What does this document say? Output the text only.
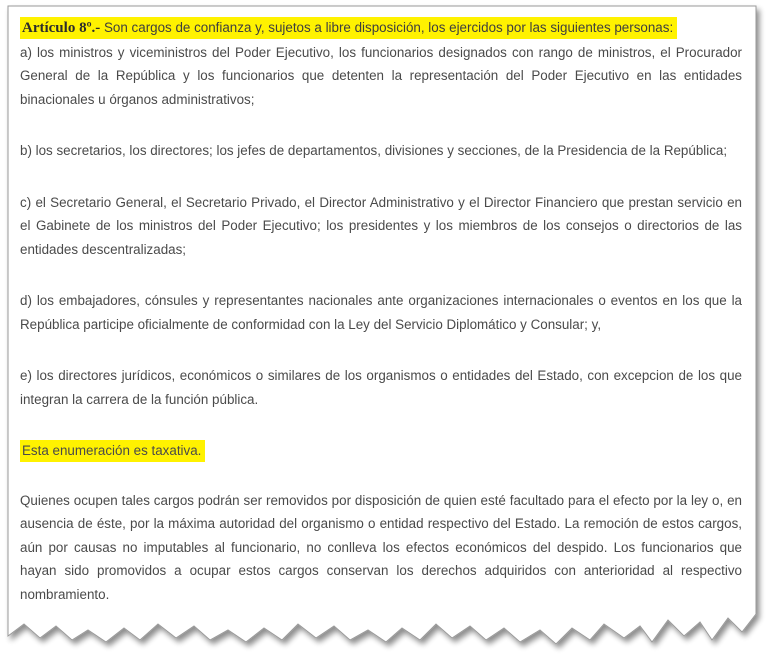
Artículo 8º.- Son cargos de confianza y, sujetos a libre disposición, los ejercidos por las siguientes personas:
a) los ministros y viceministros del Poder Ejecutivo, los funcionarios designados con rango de ministros, el Procurador General de la República y los funcionarios que detenten la representación del Poder Ejecutivo en las entidades binacionales u órganos administrativos;

b) los secretarios, los directores; los jefes de departamentos, divisiones y secciones, de la Presidencia de la República;

c) el Secretario General, el Secretario Privado, el Director Administrativo y el Director Financiero que prestan servicio en el Gabinete de los ministros del Poder Ejecutivo; los presidentes y los miembros de los consejos o directorios de las entidades descentralizadas;

d) los embajadores, cónsules y representantes nacionales ante organizaciones internacionales o eventos en los que la República participe oficialmente de conformidad con la Ley del Servicio Diplomático y Consular; y,

e) los directores jurídicos, económicos o similares de los organismos o entidades del Estado, con excepcion de los que integran la carrera de la función pública.

Esta enumeración es taxativa.

Quienes ocupen tales cargos podrán ser removidos por disposición de quien esté facultado para el efecto por la ley o, en ausencia de éste, por la máxima autoridad del organismo o entidad respectivo del Estado. La remoción de estos cargos, aún por causas no imputables al funcionario, no conlleva los efectos económicos del despido. Los funcionarios que hayan sido promovidos a ocupar estos cargos conservan los derechos adquiridos con anterioridad al respectivo nombramiento.
